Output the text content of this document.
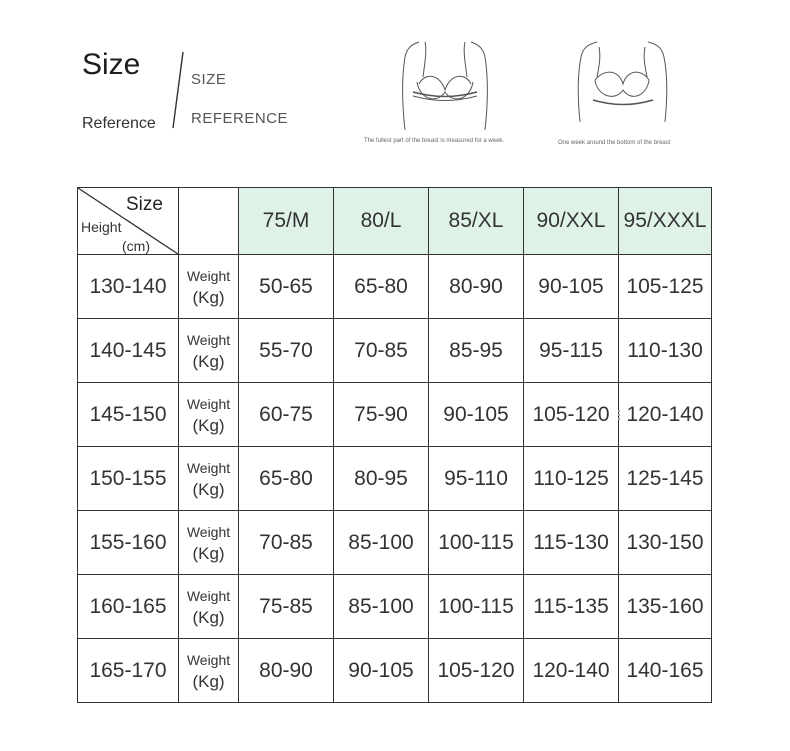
Size
Reference
SIZE
REFERENCE
The fullest part of the breast is measured for a week.	One week around the bottom of the breast
Size
Height
(cm)		75/M	80/L	85/XL	90/XXL	95/XXXL
130-140	Weight
(Kg)	50-65	65-80	80-90	90-105	105-125
140-145	Weight
(Kg)	55-70	70-85	85-95	95-115	110-130
145-150	Weight
(Kg)	60-75	75-90	90-105	105-120	120-140
150-155	Weight
(Kg)	65-80	80-95	95-110	110-125	125-145
155-160	Weight
(Kg)	70-85	85-100	100-115	115-130	130-150
160-165	Weight
(Kg)	75-85	85-100	100-115	115-135	135-160
165-170	Weight
(Kg)	80-90	90-105	105-120	120-140	140-165
